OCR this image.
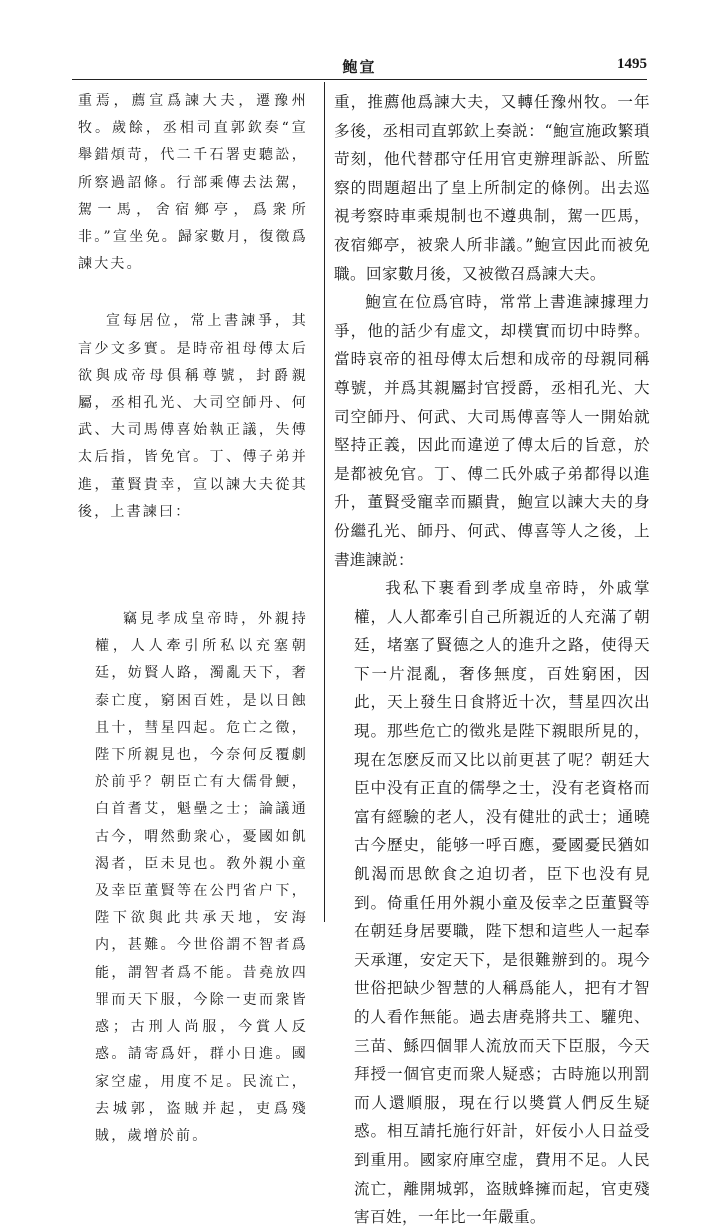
鲍宣	1495

重焉，薦宣爲諫大夫，遷豫州牧。歲餘，丞相司直郭欽奏“宣舉錯煩苛，代二千石署吏聽訟，所察過詔條。行部乘傳去法駕，駕一馬，舍宿鄉亭，爲衆所非。”宣坐免。歸家數月，復徵爲諫大夫。

宣每居位，常上書諫爭，其言少文多實。是時帝祖母傅太后欲與成帝母俱稱尊號，封爵親屬，丞相孔光、大司空師丹、何武、大司馬傅喜始執正議，失傅太后指，皆免官。丁、傅子弟并進，董賢貴幸，宣以諫大夫從其後，上書諫曰：

竊見孝成皇帝時，外親持權，人人牽引所私以充塞朝廷，妨賢人路，濁亂天下，奢泰亡度，窮困百姓，是以日蝕且十，彗星四起。危亡之徵，陛下所親見也，今奈何反覆劇於前乎？朝臣亡有大儒骨鯁，白首耆艾，魁壘之士；論議通古今，喟然動衆心，憂國如飢渴者，臣未見也。敎外親小童及幸臣董賢等在公門省户下，陛下欲與此共承天地，安海内，甚難。今世俗謂不智者爲能，謂智者爲不能。昔堯放四罪而天下服，今除一吏而衆皆惑；古刑人尚服，今賞人反惑。請寄爲奸，群小日進。國家空虚，用度不足。民流亡，去城郭，盗賊并起，吏爲殘賊，歲增於前。

重，推薦他爲諫大夫，又轉任豫州牧。一年多後，丞相司直郭欽上奏説：“鮑宣施政繁瑣苛刻，他代替郡守任用官吏辦理訴訟、所監察的問題超出了皇上所制定的條例。出去巡視考察時車乘規制也不遵典制，駕一匹馬，夜宿鄉亭，被衆人所非議。”鮑宣因此而被免職。回家數月後，又被徵召爲諫大夫。

鮑宣在位爲官時，常常上書進諫據理力爭，他的話少有虚文，却樸實而切中時弊。當時哀帝的祖母傅太后想和成帝的母親同稱尊號，并爲其親屬封官授爵，丞相孔光、大司空師丹、何武、大司馬傅喜等人一開始就堅持正義，因此而違逆了傅太后的旨意，於是都被免官。丁、傅二氏外戚子弟都得以進升，董賢受寵幸而顯貴，鮑宣以諫大夫的身份繼孔光、師丹、何武、傅喜等人之後，上書進諫説：

我私下裹看到孝成皇帝時，外戚掌權，人人都牽引自己所親近的人充滿了朝廷，堵塞了賢德之人的進升之路，使得天下一片混亂，奢侈無度，百姓窮困，因此，天上發生日食將近十次，彗星四次出現。那些危亡的徵兆是陛下親眼所見的，現在怎麽反而又比以前更甚了呢？朝廷大臣中没有正直的儒學之士，没有老資格而富有經驗的老人，没有健壯的武士；通曉古今歷史，能够一呼百應，憂國憂民猶如飢渴而思飲食之迫切者，臣下也没有見到。倚重任用外親小童及佞幸之臣董賢等在朝廷身居要職，陛下想和這些人一起奉天承運，安定天下，是很難辦到的。現今世俗把缺少智慧的人稱爲能人，把有才智的人看作無能。過去唐堯將共工、驩兜、三苗、鯀四個罪人流放而天下臣服，今天拜授一個官吏而衆人疑惑；古時施以刑罰而人還順服，現在行以奬賞人們反生疑惑。相互請托施行奸計，奸佞小人日益受到重用。國家府庫空虚，費用不足。人民流亡，離開城郭，盗賊蜂擁而起，官吏殘害百姓，一年比一年嚴重。
